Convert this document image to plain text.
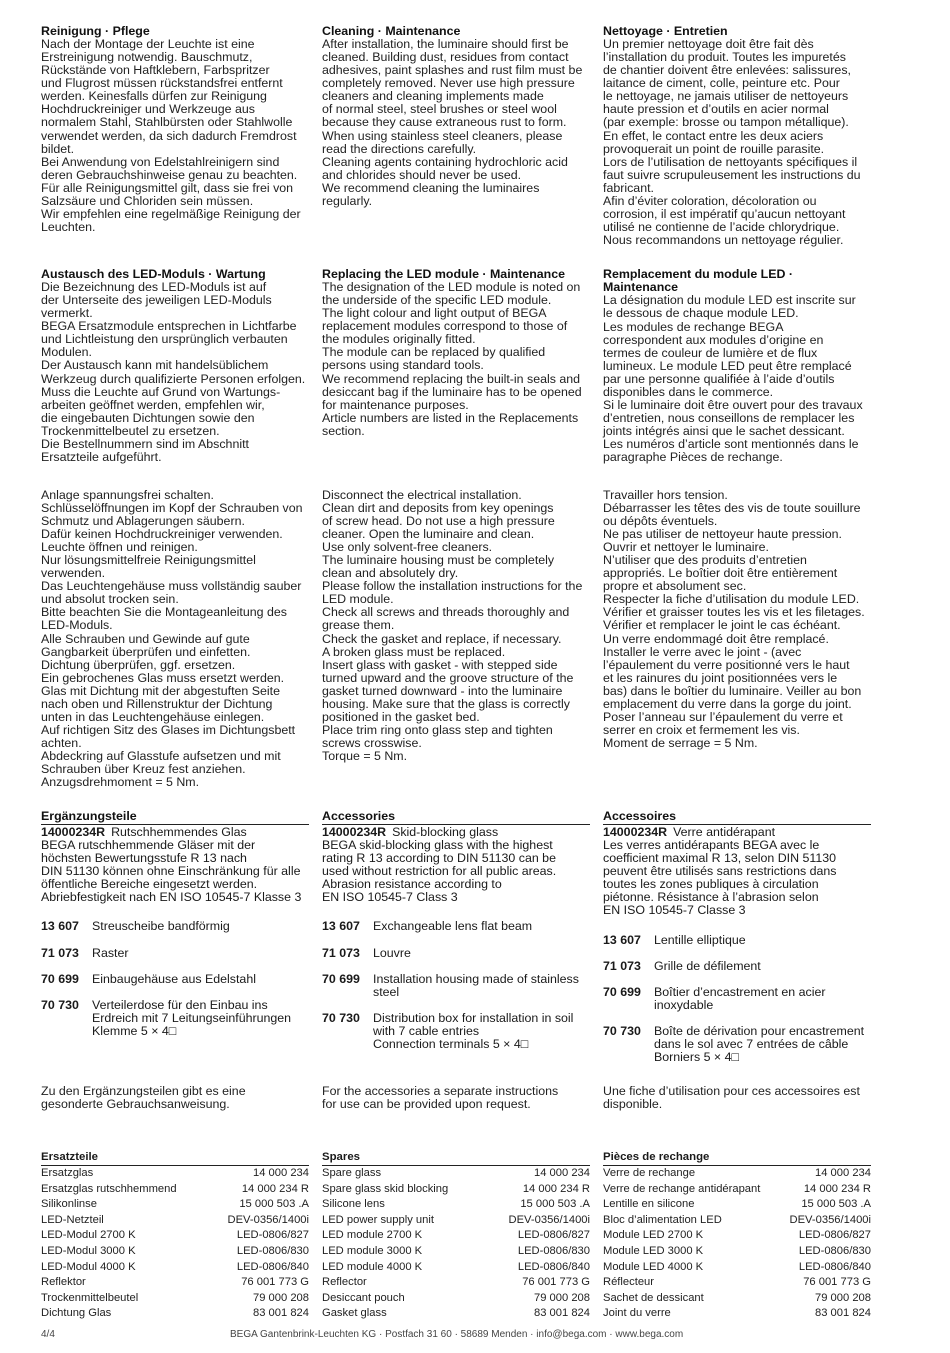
Reinigung · Pflege

Nach der Montage der Leuchte ist eine
Erstreinigung notwendig. Bauschmutz,
Rückstände von Haftklebern, Farbspritzer
und Flugrost müssen rückstandsfrei entfernt
werden. Keinesfalls dürfen zur Reinigung
Hochdruckreiniger und Werkzeuge aus
normalem Stahl, Stahlbürsten oder Stahlwolle
verwendet werden, da sich dadurch Fremdrost
bildet.
Bei Anwendung von Edelstahlreinigern sind
deren Gebrauchshinweise genau zu beachten.
Für alle Reinigungsmittel gilt, dass sie frei von
Salzsäure und Chloriden sein müssen.
Wir empfehlen eine regelmäßige Reinigung der
Leuchten.

Cleaning · Maintenance

After installation, the luminaire should first be
cleaned. Building dust, residues from contact
adhesives, paint splashes and rust film must be
completely removed. Never use high pressure
cleaners and cleaning implements made
of normal steel, steel brushes or steel wool
because they cause extraneous rust to form.
When using stainless steel cleaners, please
read the directions carefully.
Cleaning agents containing hydrochloric acid
and chlorides should never be used.
We recommend cleaning the luminaires
regularly.

Nettoyage · Entretien

Un premier nettoyage doit être fait dès
l’installation du produit. Toutes les impuretés
de chantier doivent être enlevées: salissures,
laitance de ciment, colle, peinture etc. Pour
le nettoyage, ne jamais utiliser de nettoyeurs
haute pression et d’outils en acier normal
(par exemple: brosse ou tampon métallique).
En effet, le contact entre les deux aciers
provoquerait un point de rouille parasite.
Lors de l’utilisation de nettoyants spécifiques il
faut suivre scrupuleusement les instructions du
fabricant.
Afin d’éviter coloration, décoloration ou
corrosion, il est impératif qu’aucun nettoyant
utilisé ne contienne de l’acide chlorydrique.
Nous recommandons un nettoyage régulier.

Austausch des LED-Moduls · Wartung

Die Bezeichnung des LED-Moduls ist auf
der Unterseite des jeweiligen LED-Moduls
vermerkt.
BEGA Ersatzmodule entsprechen in Lichtfarbe
und Lichtleistung den ursprünglich verbauten
Modulen.
Der Austausch kann mit handelsüblichem
Werkzeug durch qualifizierte Personen erfolgen.
Muss die Leuchte auf Grund von Wartungs-
arbeiten geöffnet werden, empfehlen wir,
die eingebauten Dichtungen sowie den
Trockenmittelbeutel zu ersetzen.
Die Bestellnummern sind im Abschnitt
Ersatzteile aufgeführt.

Replacing the LED module · Maintenance

The designation of the LED module is noted on
the underside of the specific LED module.
The light colour and light output of BEGA
replacement modules correspond to those of
the modules originally fitted.
The module can be replaced by qualified
persons using standard tools.
We recommend replacing the built-in seals and
desiccant bag if the luminaire has to be opened
for maintenance purposes.
Article numbers are listed in the Replacements
section.

Remplacement du module LED ·
Maintenance

La désignation du module LED est inscrite sur
le dessous de chaque module LED.
Les modules de rechange BEGA
correspondent aux modules d’origine en
termes de couleur de lumière et de flux
lumineux. Le module LED peut être remplacé
par une personne qualifiée à l’aide d’outils
disponibles dans le commerce.
Si le luminaire doit être ouvert pour des travaux
d’entretien, nous conseillons de remplacer les
joints intégrés ainsi que le sachet dessicant.
Les numéros d’article sont mentionnés dans le
paragraphe Pièces de rechange.

Anlage spannungsfrei schalten.
Schlüsselöffnungen im Kopf der Schrauben von
Schmutz und Ablagerungen säubern.
Dafür keinen Hochdruckreiniger verwenden.
Leuchte öffnen und reinigen.
Nur lösungsmittelfreie Reinigungsmittel
verwenden.
Das Leuchtengehäuse muss vollständig sauber
und absolut trocken sein.
Bitte beachten Sie die Montageanleitung des
LED-Moduls.
Alle Schrauben und Gewinde auf gute
Gangbarkeit überprüfen und einfetten.
Dichtung überprüfen, ggf. ersetzen.
Ein gebrochenes Glas muss ersetzt werden.
Glas mit Dichtung mit der abgestuften Seite
nach oben und Rillenstruktur der Dichtung
unten in das Leuchtengehäuse einlegen.
Auf richtigen Sitz des Glases im Dichtungsbett
achten.
Abdeckring auf Glasstufe aufsetzen und mit
Schrauben über Kreuz fest anziehen.
Anzugsdrehmoment = 5 Nm.

Disconnect the electrical installation.
Clean dirt and deposits from key openings
of screw head. Do not use a high pressure
cleaner. Open the luminaire and clean.
Use only solvent-free cleaners.
The luminaire housing must be completely
clean and absolutely dry.
Please follow the installation instructions for the
LED module.
Check all screws and threads thoroughly and
grease them.
Check the gasket and replace, if necessary.
A broken glass must be replaced.
Insert glass with gasket - with stepped side
turned upward and the groove structure of the
gasket turned downward - into the luminaire
housing. Make sure that the glass is correctly
positioned in the gasket bed.
Place trim ring onto glass step and tighten
screws crosswise.
Torque = 5 Nm.

Travailler hors tension.
Débarrasser les têtes des vis de toute souillure
ou dépôts éventuels.
Ne pas utiliser de nettoyeur haute pression.
Ouvrir et nettoyer le luminaire.
N’utiliser que des produits d’entretien
appropriés. Le boîtier doit être entièrement
propre et absolument sec.
Respecter la fiche d’utilisation du module LED.
Vérifier et graisser toutes les vis et les filetages.
Vérifier et remplacer le joint le cas échéant.
Un verre endommagé doit être remplacé.
Installer le verre avec le joint - (avec
l’épaulement du verre positionné vers le haut
et les rainures du joint positionnées vers le
bas) dans le boîtier du luminaire. Veiller au bon
emplacement du verre dans la gorge du joint.
Poser l’anneau sur l’épaulement du verre et
serrer en croix et fermement les vis.
Moment de serrage = 5 Nm.

Ergänzungsteile
14000234R Rutschhemmendes Glas
BEGA rutschhemmende Gläser mit der
höchsten Bewertungsstufe R 13 nach
DIN 51130 können ohne Einschränkung für alle
öffentliche Bereiche eingesetzt werden.
Abriebfestigkeit nach EN ISO 10545-7 Klasse 3
13 607	Streuscheibe bandförmig
71 073	Raster
70 699	Einbaugehäuse aus Edelstahl
70 730	Verteilerdose für den Einbau ins
Erdreich mit 7 Leitungseinführungen
Klemme 5 × 4□

Zu den Ergänzungsteilen gibt es eine
gesonderte Gebrauchsanweisung.

Accessories
14000234R Skid-blocking glass
BEGA skid-blocking glass with the highest
rating R 13 according to DIN 51130 can be
used without restriction for all public areas.
Abrasion resistance according to
EN ISO 10545-7 Class 3
13 607	Exchangeable lens flat beam
71 073	Louvre
70 699	Installation housing made of stainless
steel
70 730	Distribution box for installation in soil
with 7 cable entries
Connection terminals 5 × 4□

For the accessories a separate instructions
for use can be provided upon request.

Accessoires
14000234R Verre antidérapant
Les verres antidérapants BEGA avec le
coefficient maximal R 13, selon DIN 51130
peuvent être utilisés sans restrictions dans
toutes les zones publiques à circulation
piétonne. Résistance à l’abrasion selon
EN ISO 10545-7 Classe 3
13 607	Lentille elliptique
71 073	Grille de défilement
70 699	Boîtier d’encastrement en acier
inoxydable
70 730	Boîte de dérivation pour encastrement
dans le sol avec 7 entrées de câble
Borniers 5 × 4□

Une fiche d’utilisation pour ces accessoires est
disponible.

Ersatzteile
Ersatzglas	14 000 234
Ersatzglas rutschhemmend	14 000 234 R
Silikonlinse	15 000 503 .A
LED-Netzteil	DEV-0356/1400i
LED-Modul 2700 K	LED-0806/827
LED-Modul 3000 K	LED-0806/830
LED-Modul 4000 K	LED-0806/840
Reflektor	76 001 773 G
Trockenmittelbeutel	79 000 208
Dichtung Glas	83 001 824
Spares
Spare glass	14 000 234
Spare glass skid blocking	14 000 234 R
Silicone lens	15 000 503 .A
LED power supply unit	DEV-0356/1400i
LED module 2700 K	LED-0806/827
LED module 3000 K	LED-0806/830
LED module 4000 K	LED-0806/840
Reflector	76 001 773 G
Desiccant pouch	79 000 208
Gasket glass	83 001 824
Pièces de rechange
Verre de rechange	14 000 234
Verre de rechange antidérapant	14 000 234 R
Lentille en silicone	15 000 503 .A
Bloc d’alimentation LED	DEV-0356/1400i
Module LED 2700 K	LED-0806/827
Module LED 3000 K	LED-0806/830
Module LED 4000 K	LED-0806/840
Réflecteur	76 001 773 G
Sachet de dessicant	79 000 208
Joint du verre	83 001 824
4/4	BEGA Gantenbrink-Leuchten KG · Postfach 31 60 · 58689 Menden · info@bega.com · www.bega.com
